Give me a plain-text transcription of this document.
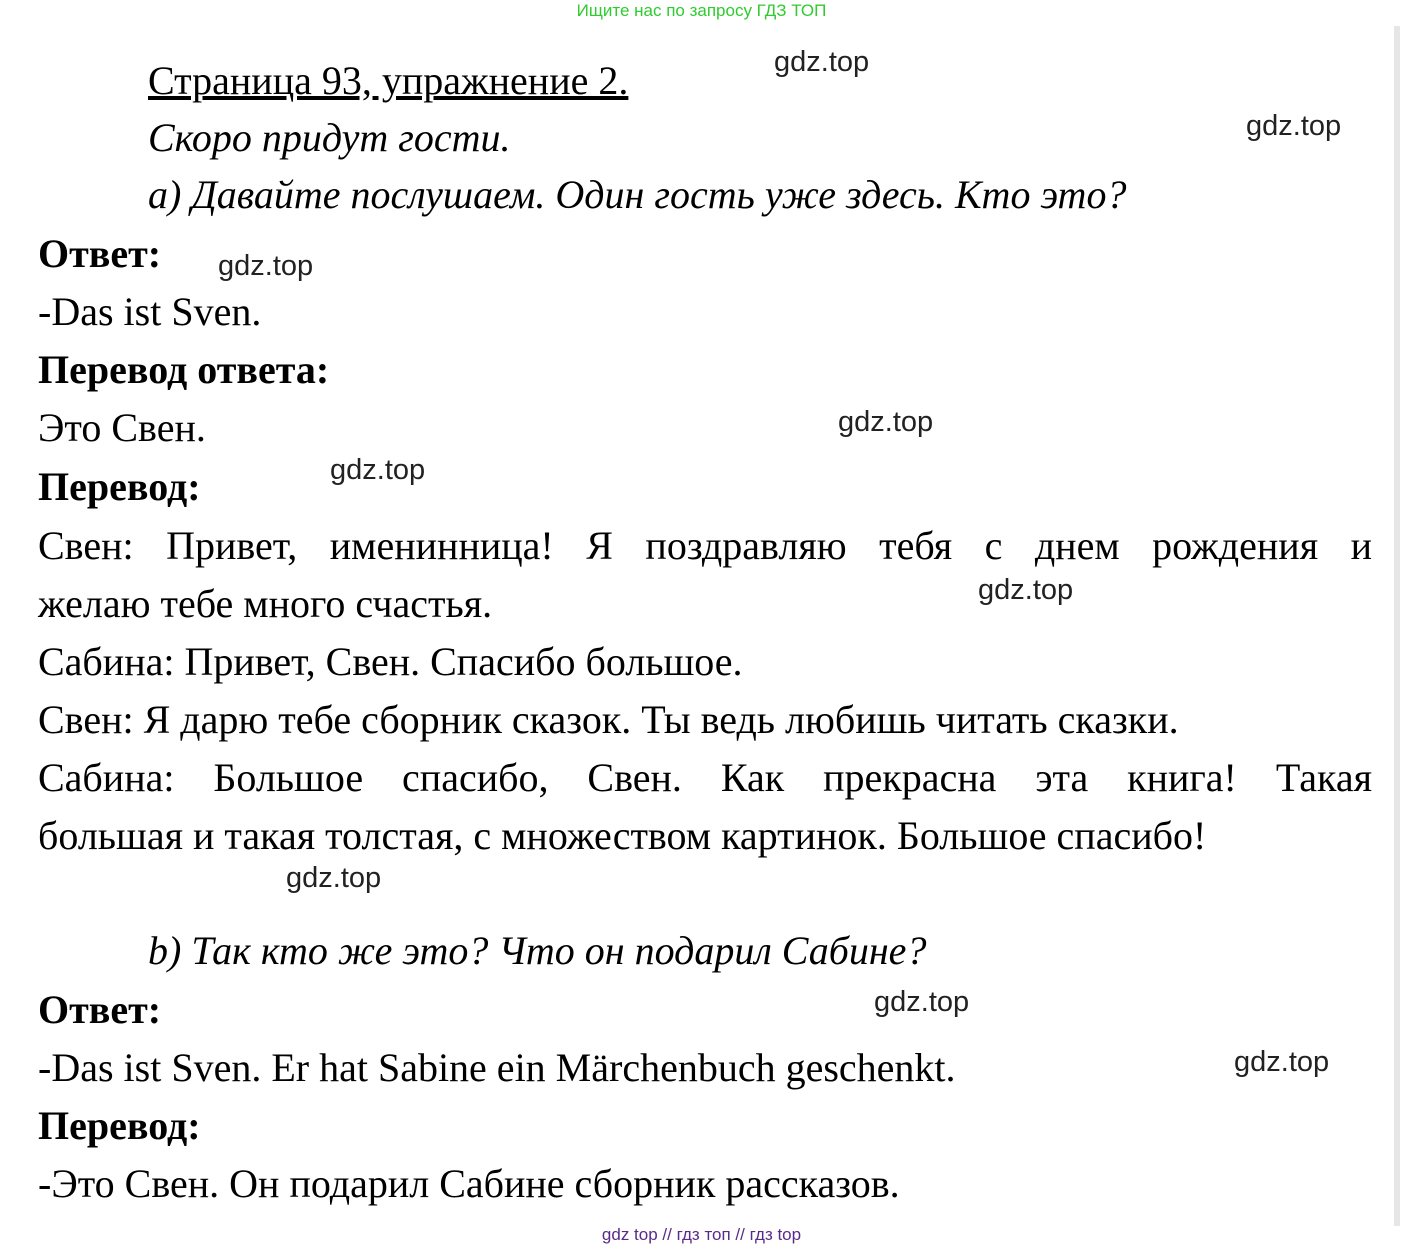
Ищите нас по запросу ГДЗ ТОП
Страница 93, упражнение 2.
Скоро придут гости.
a) Давайте послушаем. Один гость уже здесь. Кто это?
Ответ:
-Das ist Sven.
Перевод ответа:
Это Свен.
Перевод:
Свен: Привет, именинница! Я поздравляю тебя с днем рождения и
желаю тебе много счастья.
Сабина: Привет, Свен. Спасибо большое.
Свен: Я дарю тебе сборник сказок. Ты ведь любишь читать сказки.
Сабина: Большое спасибо, Свен. Как прекрасна эта книга! Такая
большая и такая толстая, с множеством картинок. Большое спасибо!
b) Так кто же это? Что он подарил Сабине?
Ответ:
-Das ist Sven. Er hat Sabine ein Märchenbuch geschenkt.
Перевод:
-Это Свен. Он подарил Сабине сборник рассказов.
gdz.top
gdz.top
gdz.top
gdz.top
gdz.top
gdz.top
gdz.top
gdz.top
gdz.top
gdz top // гдз топ // гдз top
